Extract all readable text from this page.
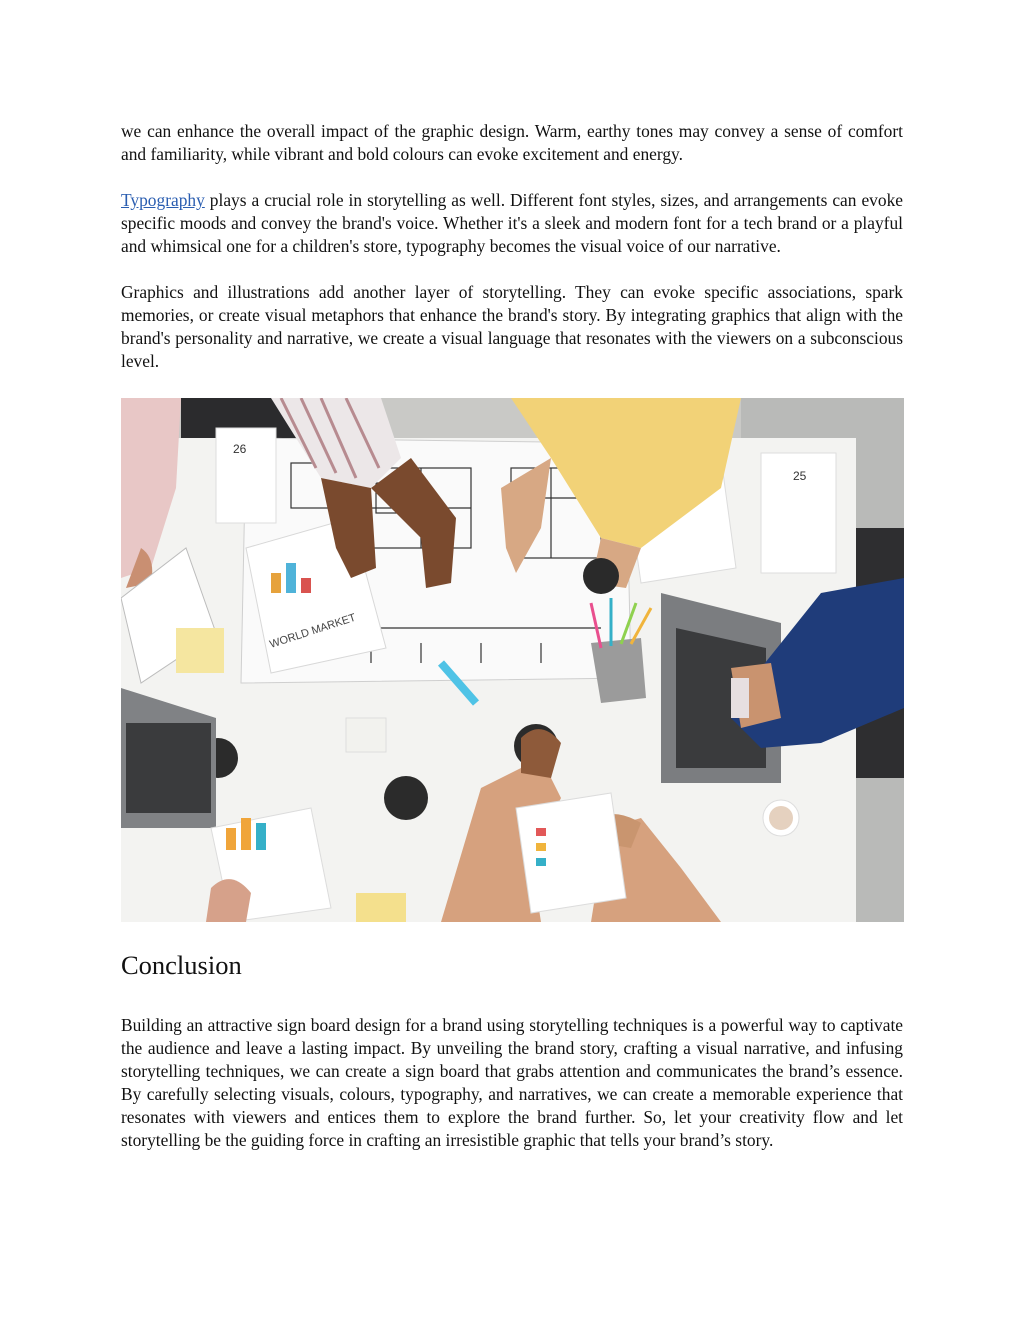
we can enhance the overall impact of the graphic design. Warm, earthy tones may convey a sense of comfort and familiarity, while vibrant and bold colours can evoke excitement and energy.

Typography plays a crucial role in storytelling as well. Different font styles, sizes, and arrangements can evoke specific moods and convey the brand's voice. Whether it's a sleek and modern font for a tech brand or a playful and whimsical one for a children's store, typography becomes the visual voice of our narrative.

Graphics and illustrations add another layer of storytelling. They can evoke specific associations, spark memories, or create visual metaphors that enhance the brand's story. By integrating graphics that align with the brand's personality and narrative, we create a visual language that resonates with the viewers on a subconscious level.

26
25
WORLD MARKET
Conclusion

Building an attractive sign board design for a brand using storytelling techniques is a powerful way to captivate the audience and leave a lasting impact. By unveiling the brand story, crafting a visual narrative, and infusing storytelling techniques, we can create a sign board that grabs attention and communicates the brand’s essence. By carefully selecting visuals, colours, typography, and narratives, we can create a memorable experience that resonates with viewers and entices them to explore the brand further. So, let your creativity flow and let storytelling be the guiding force in crafting an irresistible graphic that tells your brand’s story.
